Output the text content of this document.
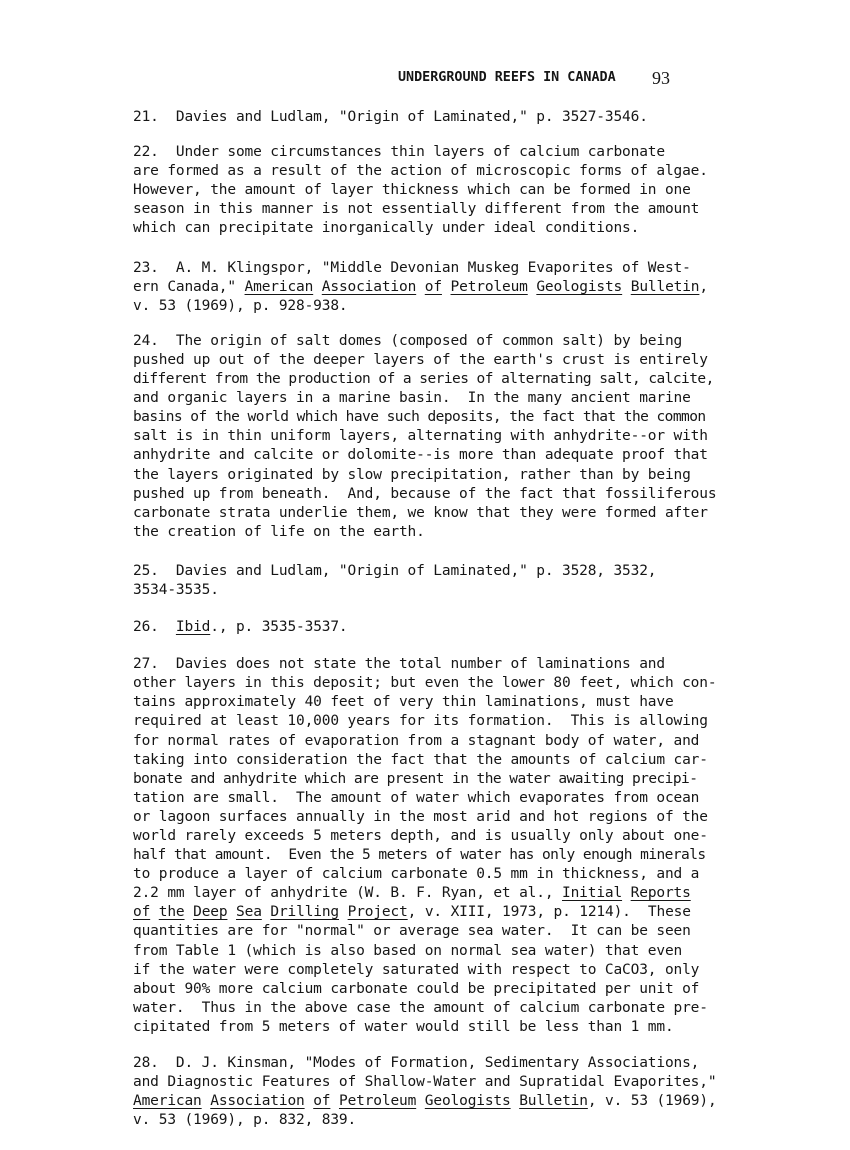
UNDERGROUND REEFS IN CANADA 93
21.  Davies and Ludlam, "Origin of Laminated," p. 3527-3546.
22.  Under some circumstances thin layers of calcium carbonate
are formed as a result of the action of microscopic forms of algae.
However, the amount of layer thickness which can be formed in one
season in this manner is not essentially different from the amount
which can precipitate inorganically under ideal conditions.
23.  A. M. Klingspor, "Middle Devonian Muskeg Evaporites of West-
ern Canada," American Association of Petroleum Geologists Bulletin,
v. 53 (1969), p. 928-938.
24.  The origin of salt domes (composed of common salt) by being
pushed up out of the deeper layers of the earth's crust is entirely
different from the production of a series of alternating salt, calcite,
and organic layers in a marine basin.  In the many ancient marine
basins of the world which have such deposits, the fact that the common
salt is in thin uniform layers, alternating with anhydrite--or with
anhydrite and calcite or dolomite--is more than adequate proof that
the layers originated by slow precipitation, rather than by being
pushed up from beneath.  And, because of the fact that fossiliferous
carbonate strata underlie them, we know that they were formed after
the creation of life on the earth.
25.  Davies and Ludlam, "Origin of Laminated," p. 3528, 3532,
3534-3535.
26.  Ibid., p. 3535-3537.
27.  Davies does not state the total number of laminations and
other layers in this deposit; but even the lower 80 feet, which con-
tains approximately 40 feet of very thin laminations, must have
required at least 10,000 years for its formation.  This is allowing
for normal rates of evaporation from a stagnant body of water, and
taking into consideration the fact that the amounts of calcium car-
bonate and anhydrite which are present in the water awaiting precipi-
tation are small.  The amount of water which evaporates from ocean
or lagoon surfaces annually in the most arid and hot regions of the
world rarely exceeds 5 meters depth, and is usually only about one-
half that amount.  Even the 5 meters of water has only enough minerals
to produce a layer of calcium carbonate 0.5 mm in thickness, and a
2.2 mm layer of anhydrite (W. B. F. Ryan, et al., Initial Reports
of the Deep Sea Drilling Project, v. XIII, 1973, p. 1214).  These
quantities are for "normal" or average sea water.  It can be seen
from Table 1 (which is also based on normal sea water) that even
if the water were completely saturated with respect to CaCO3, only
about 90% more calcium carbonate could be precipitated per unit of
water.  Thus in the above case the amount of calcium carbonate pre-
cipitated from 5 meters of water would still be less than 1 mm.
28.  D. J. Kinsman, "Modes of Formation, Sedimentary Associations,
and Diagnostic Features of Shallow-Water and Supratidal Evaporites,"
American Association of Petroleum Geologists Bulletin, v. 53 (1969),
v. 53 (1969), p. 832, 839.
